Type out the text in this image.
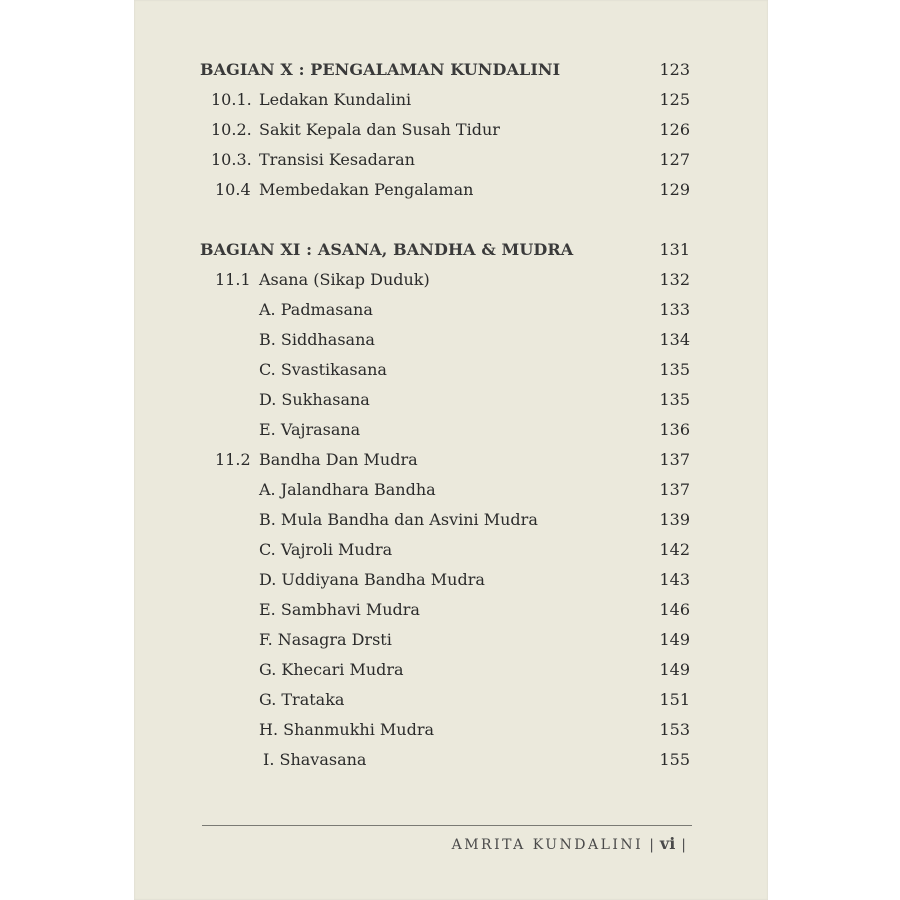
BAGIAN X : PENGALAMAN KUNDALINI	123
10.1. Ledakan Kundalini	125
10.2. Sakit Kepala dan Susah Tidur	126
10.3. Transisi Kesadaran	127
10.4 Membedakan Pengalaman	129
BAGIAN XI : ASANA, BANDHA & MUDRA	131
11.1 Asana (Sikap Duduk)	132
A. Padmasana	133
B. Siddhasana	134
C. Svastikasana	135
D. Sukhasana	135
E. Vajrasana	136
11.2 Bandha Dan Mudra	137
A. Jalandhara Bandha	137
B. Mula Bandha dan Asvini Mudra	139
C. Vajroli Mudra	142
D. Uddiyana Bandha Mudra	143
E. Sambhavi Mudra	146
F. Nasagra Drsti	149
G. Khecari Mudra	149
G. Trataka	151
H. Shanmukhi Mudra	153
I. Shavasana	155
AMRITA KUNDALINI | vi |
